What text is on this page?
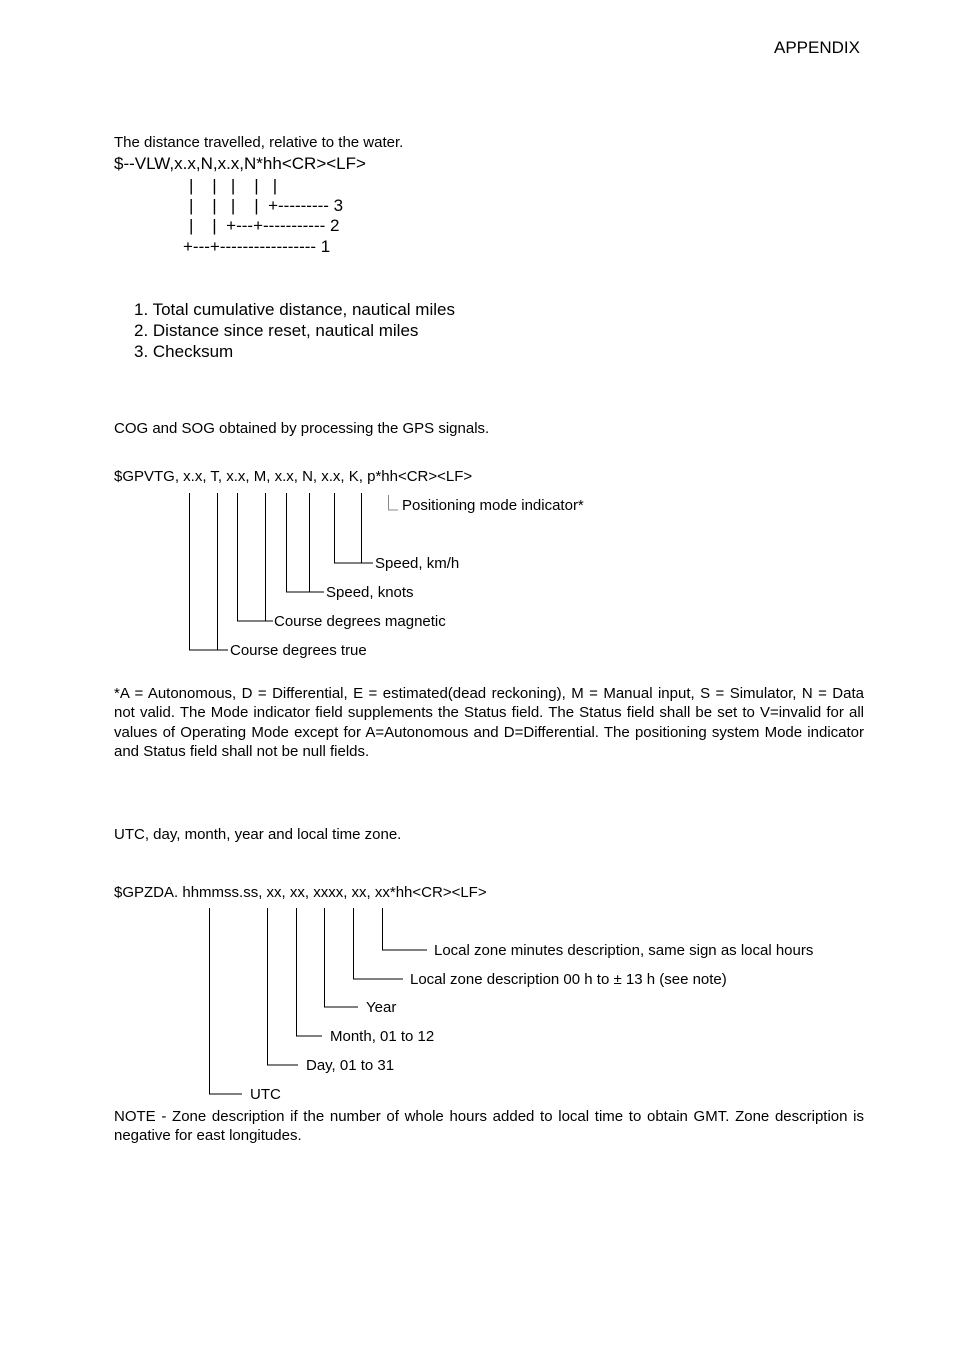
APPENDIX
The distance travelled, relative to the water.
$--VLW,x.x,N,x.x,N*hh<CR><LF>
|    |   |    |   |
|    |   |    |  +--------- 3
|    |  +---+----------- 2
+---+----------------- 1
1. Total cumulative distance, nautical miles
2. Distance since reset, nautical miles
3. Checksum
COG and SOG obtained by processing the GPS signals.
$GPVTG, x.x, T, x.x, M, x.x, N, x.x, K, p*hh<CR><LF>
Positioning mode indicator*
Speed, km/h
Speed, knots
Course degrees magnetic
Course degrees true
*A = Autonomous, D = Differential, E = estimated(dead reckoning), M = Manual input, S = Simulator, N = Data not valid. The Mode indicator field supplements the Status field. The Status field shall be set to V=invalid for all values of Operating Mode except for A=Autonomous and D=Differential. The positioning system Mode indicator and Status field shall not be null fields.
UTC, day, month, year and local time zone.
$GPZDA. hhmmss.ss, xx, xx, xxxx, xx, xx*hh<CR><LF>
Local zone minutes description, same sign as local hours
Local zone description 00 h to ± 13 h (see note)
Year
Month, 01 to 12
Day, 01 to 31
UTC
NOTE - Zone description if the number of whole hours added to local time to obtain GMT. Zone description is negative for east longitudes.
